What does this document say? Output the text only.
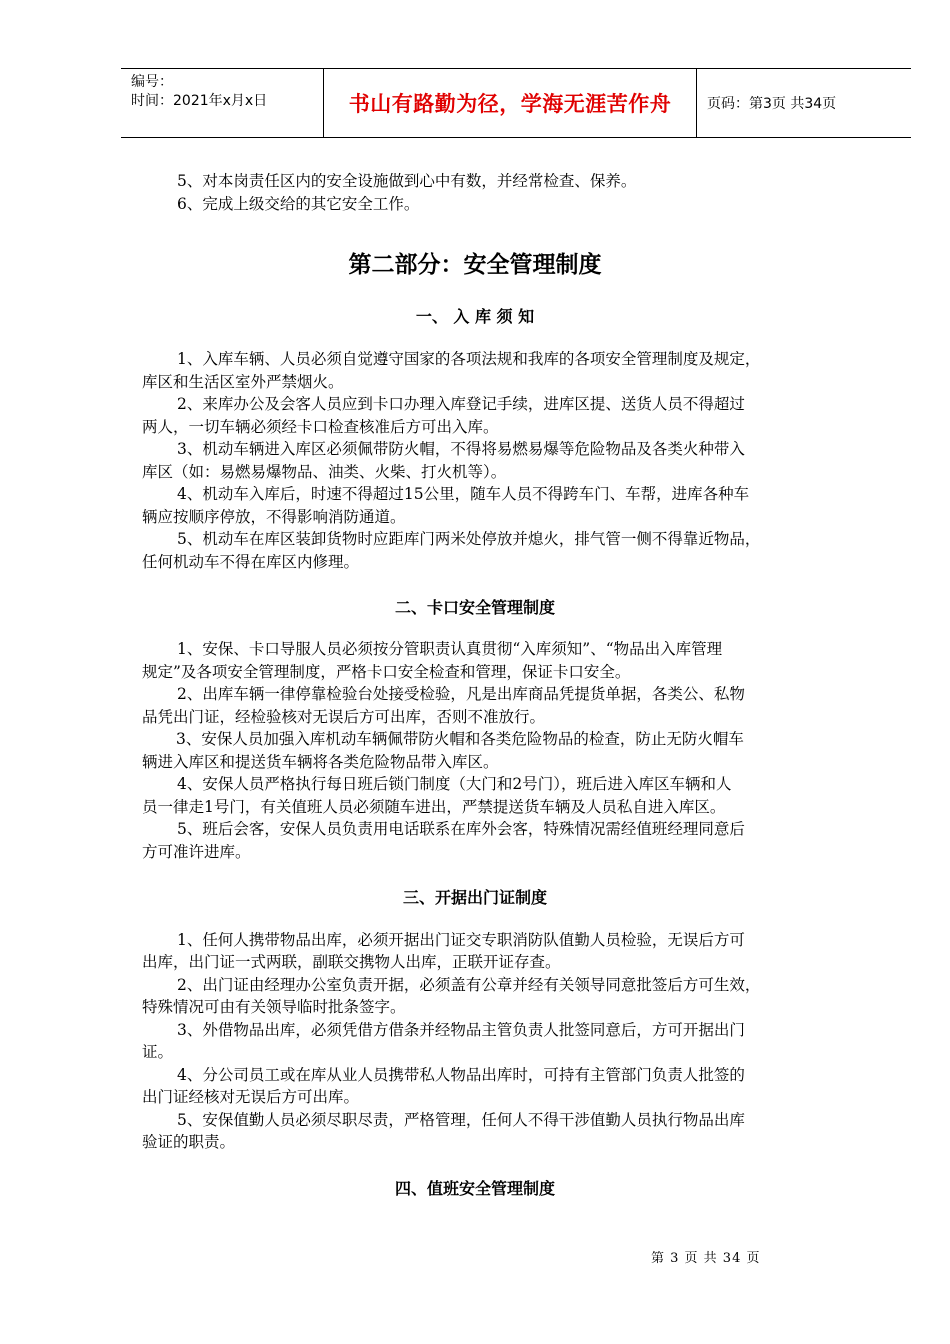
编号：
时间：2021年x月x日	书山有路勤为径，学海无涯苦作舟	页码：第3页 共34页
5、对本岗责任区内的安全设施做到心中有数，并经常检查、保养。
6、完成上级交给的其它安全工作。
第二部分：安全管理制度
一、 入 库 须 知
1、入库车辆、人员必须自觉遵守国家的各项法规和我库的各项安全管理制度及规定，
库区和生活区室外严禁烟火。
2、来库办公及会客人员应到卡口办理入库登记手续，进库区提、送货人员不得超过
两人，一切车辆必须经卡口检查核准后方可出入库。
3、机动车辆进入库区必须佩带防火帽，不得将易燃易爆等危险物品及各类火种带入
库区（如：易燃易爆物品、油类、火柴、打火机等）。
4、机动车入库后，时速不得超过15公里，随车人员不得跨车门、车帮，进库各种车
辆应按顺序停放，不得影响消防通道。
5、机动车在库区装卸货物时应距库门两米处停放并熄火，排气管一侧不得靠近物品，
任何机动车不得在库区内修理。
二、卡口安全管理制度
1、安保、卡口导服人员必须按分管职责认真贯彻“入库须知”、“物品出入库管理
规定”及各项安全管理制度，严格卡口安全检查和管理，保证卡口安全。
2、出库车辆一律停靠检验台处接受检验，凡是出库商品凭提货单据，各类公、私物
品凭出门证，经检验核对无误后方可出库，否则不准放行。
3、安保人员加强入库机动车辆佩带防火帽和各类危险物品的检查，防止无防火帽车
辆进入库区和提送货车辆将各类危险物品带入库区。
4、安保人员严格执行每日班后锁门制度（大门和2号门），班后进入库区车辆和人
员一律走1号门，有关值班人员必须随车进出，严禁提送货车辆及人员私自进入库区。
5、班后会客，安保人员负责用电话联系在库外会客，特殊情况需经值班经理同意后
方可准许进库。
三、开据出门证制度
1、任何人携带物品出库，必须开据出门证交专职消防队值勤人员检验，无误后方可
出库，出门证一式两联，副联交携物人出库，正联开证存查。
2、出门证由经理办公室负责开据，必须盖有公章并经有关领导同意批签后方可生效，
特殊情况可由有关领导临时批条签字。
3、外借物品出库，必须凭借方借条并经物品主管负责人批签同意后，方可开据出门
证。
4、分公司员工或在库从业人员携带私人物品出库时，可持有主管部门负责人批签的
出门证经核对无误后方可出库。
5、安保值勤人员必须尽职尽责，严格管理，任何人不得干涉值勤人员执行物品出库
验证的职责。
四、值班安全管理制度
第 3 页 共 34 页
